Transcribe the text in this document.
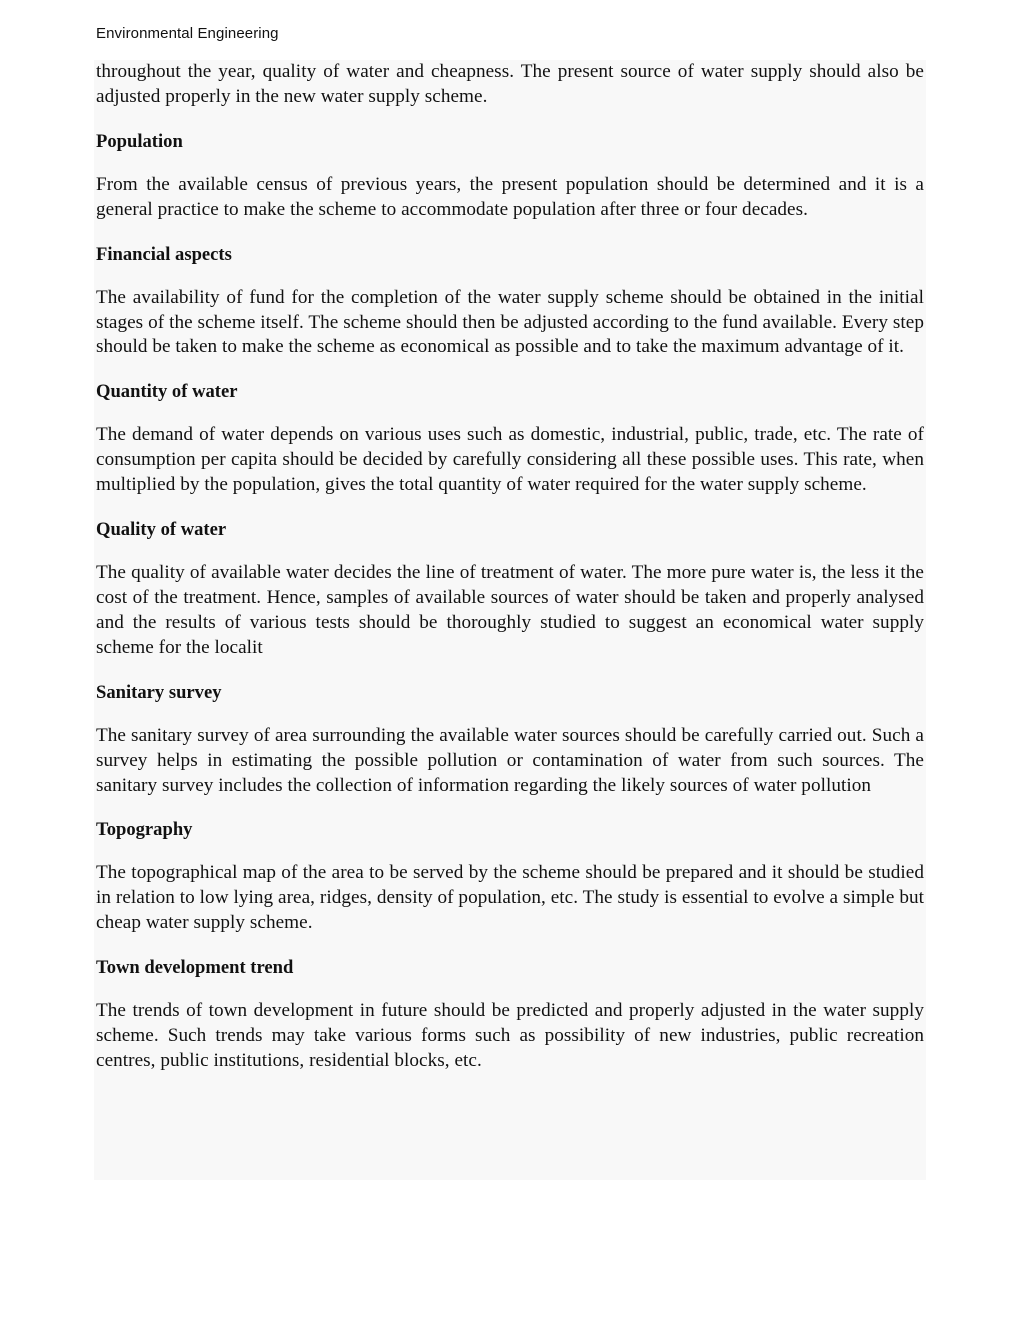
Environmental Engineering

throughout the year, quality of water and cheapness. The present source of water supply should also be adjusted properly in the new water supply scheme.

Population

From the available census of previous years, the present population should be determined and it is a general practice to make the scheme to accommodate population after three or four decades.

Financial aspects

The availability of fund for the completion of the water supply scheme should be obtained in the initial stages of the scheme itself. The scheme should then be adjusted according to the fund available. Every step should be taken to make the scheme as economical as possible and to take the maximum advantage of it.

Quantity of water

The demand of water depends on various uses such as domestic, industrial, public, trade, etc. The rate of consumption per capita should be decided by carefully considering all these possible uses. This rate, when multiplied by the population, gives the total quantity of water required for the water supply scheme.

Quality of water

The quality of available water decides the line of treatment of water. The more pure water is, the less it the cost of the treatment. Hence, samples of available sources of water should be taken and properly analysed and the results of various tests should be thoroughly studied to suggest an economical water supply scheme for the localit

Sanitary survey

The sanitary survey of area surrounding the available water sources should be carefully carried out. Such a survey helps in estimating the possible pollution or contamination of water from such sources. The sanitary survey includes the collection of information regarding the likely sources of water pollution

Topography

The topographical map of the area to be served by the scheme should be prepared and it should be studied in relation to low lying area, ridges, density of population, etc. The study is essential to evolve a simple but cheap water supply scheme.

Town development trend

The trends of town development in future should be predicted and properly adjusted in the water supply scheme. Such trends may take various forms such as possibility of new industries, public recreation centres, public institutions, residential blocks, etc.
